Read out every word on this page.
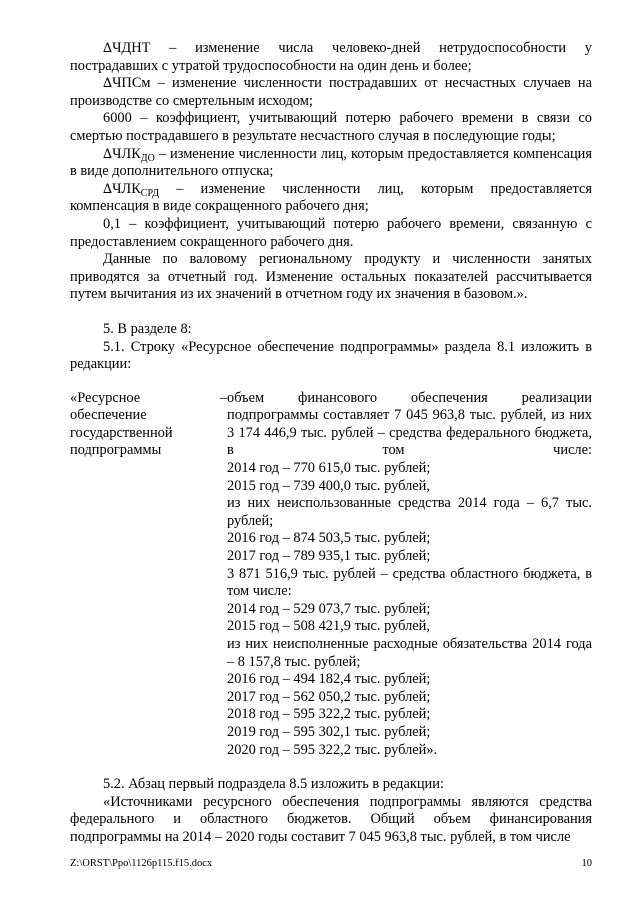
∆ЧДНТ – изменение числа человеко-дней нетрудоспособности у пострадавших с утратой трудоспособности на один день и более;

∆ЧПСм – изменение численности пострадавших от несчастных случаев на производстве со смертельным исходом;

6000 – коэффициент, учитывающий потерю рабочего времени в связи со смертью пострадавшего в результате несчастного случая в последующие годы;

$\Delta ЧЛК_{ДО}$ – изменение численности лиц, которым предоставляется компенсация в виде дополнительного отпуска;

$\Delta ЧЛК_{СРД}$ – изменение численности лиц, которым предоставляется компенсация в виде сокращенного рабочего дня;

0,1 – коэффициент, учитывающий потерю рабочего времени, связанную с предоставлением сокращенного рабочего дня.

Данные по валовому региональному продукту и численности занятых приводятся за отчетный год. Изменение остальных показателей рассчитывается путем вычитания из их значений в отчетном году их значения в базовом.».

5. В разделе 8:

5.1. Строку «Ресурсное обеспечение подпрограммы» раздела 8.1 изложить в редакции:

«Ресурсное	–
обеспечение
государственной
подпрограммы

объем финансового обеспечения реализации подпрограммы составляет 7 045 963,8 тыс. рублей, из них 3 174 446,9 тыс. рублей – средства федерального бюджета, в том числе:
2014 год – 770 615,0 тыс. рублей;
2015 год – 739 400,0 тыс. рублей,
из них неиспользованные средства 2014 года – 6,7 тыс. рублей;
2016 год – 874 503,5 тыс. рублей;
2017 год – 789 935,1 тыс. рублей;
3 871 516,9 тыс. рублей – средства областного бюджета, в том числе:
2014 год – 529 073,7 тыс. рублей;
2015 год – 508 421,9 тыс. рублей,
из них неисполненные расходные обязательства 2014 года – 8 157,8 тыс. рублей;
2016 год – 494 182,4 тыс. рублей;
2017 год – 562 050,2 тыс. рублей;
2018 год – 595 322,2 тыс. рублей;
2019 год – 595 302,1 тыс. рублей;
2020 год – 595 322,2 тыс. рублей».

5.2. Абзац первый подраздела 8.5 изложить в редакции:

«Источниками ресурсного обеспечения подпрограммы являются средства федерального и областного бюджетов. Общий объем финансирования подпрограммы на 2014 – 2020 годы составит 7 045 963,8 тыс. рублей, в том числе

Z:\ORST\Ppo\1126p115.f15.docx	10
